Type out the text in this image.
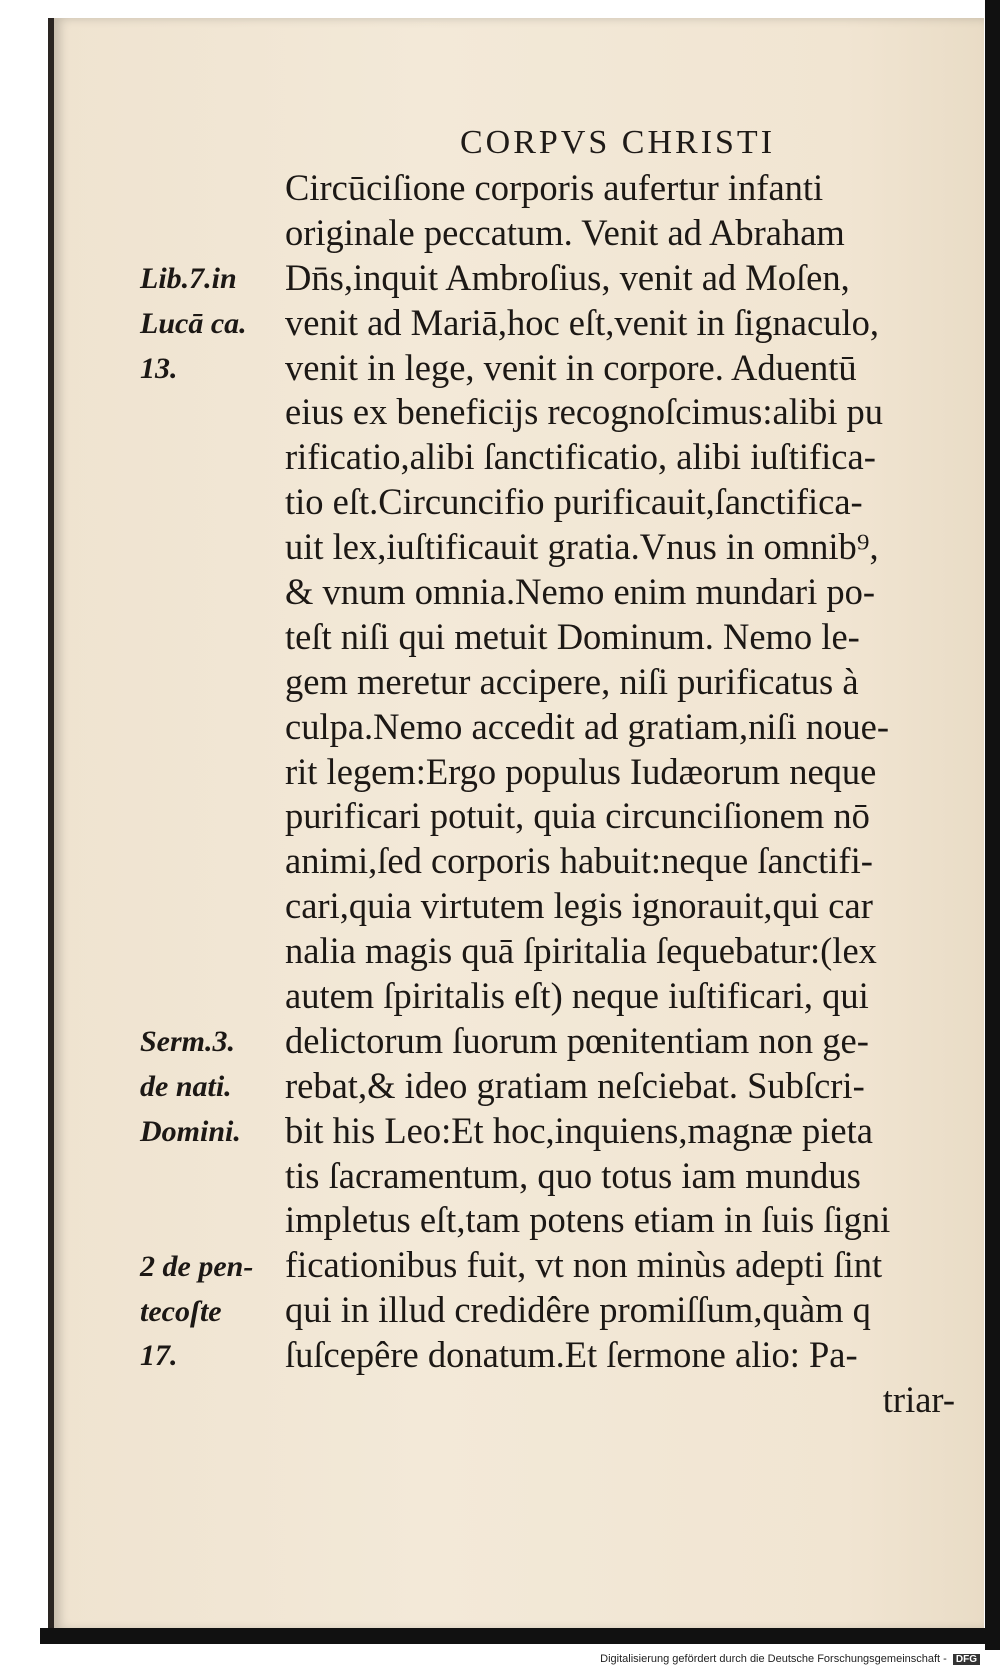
CORPVS CHRISTI
Circūciſione corporis aufertur infanti
originale peccatum. Venit ad Abraham
Dn̄s,inquit Ambroſius, venit ad Moſen,
venit ad Mariā,hoc eſt,venit in ſignaculo,
venit in lege, venit in corpore. Aduentū
eius ex beneficijs recognoſcimus:alibi pu
rificatio,alibi ſanctificatio, alibi iuſtifica-
tio eſt.Circuncifio purificauit,ſanctifica-
uit lex,iuſtificauit gratia.Vnus in omnib⁹,
& vnum omnia.Nemo enim mundari po-
teſt niſi qui metuit Dominum. Nemo le-
gem meretur accipere, niſi purificatus à
culpa.Nemo accedit ad gratiam,niſi noue-
rit legem:Ergo populus Iudæorum neque
purificari potuit, quia circunciſionem nō
animi,ſed corporis habuit:neque ſanctifi-
cari,quia virtutem legis ignorauit,qui car
nalia magis quā ſpiritalia ſequebatur:(lex
autem ſpiritalis eſt) neque iuſtificari, qui
delictorum ſuorum pœnitentiam non ge-
rebat,& ideo gratiam neſciebat. Subſcri-
bit his Leo:Et hoc,inquiens,magnæ pieta
tis ſacramentum, quo totus iam mundus
impletus eſt,tam potens etiam in ſuis ſigni
ficationibus fuit, vt non minùs adepti ſint
qui in illud credidêre promiſſum,quàm q
ſuſcepêre donatum.Et ſermone alio: Pa-
triar-
Lib.7.in
Lucā ca.
13.
Serm.3.
de nati.
Domini.
2 de pen-
tecoſte
17.
Digitalisierung gefördert durch die Deutsche Forschungsgemeinschaft - DFG
